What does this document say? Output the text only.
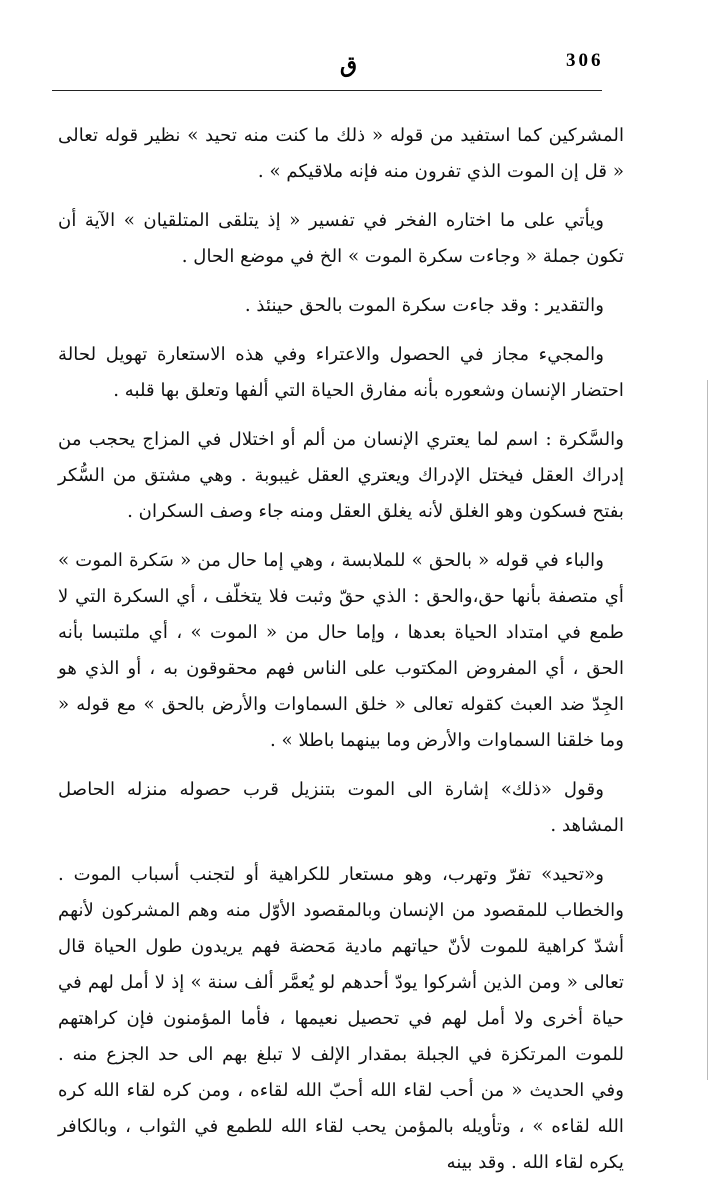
306
ق

المشركين كما استفيد من قوله « ذلك ما كنت منه تحيد » نظير قوله تعالى « قل إن الموت الذي تفرون منه فإنه ملاقيكم » .

ويأتي على ما اختاره الفخر في تفسير « إذ يتلقى المتلقيان » الآية أن تكون جملة « وجاءت سكرة الموت » الخ في موضع الحال .

والتقدير : وقد جاءت سكرة الموت بالحق حينئذ .

والمجيء مجاز في الحصول والاعتراء وفي هذه الاستعارة تهويل لحالة احتضار الإنسان وشعوره بأنه مفارق الحياة التي ألفها وتعلق بها قلبه .

والسَّكرة : اسم لما يعتري الإنسان من ألم أو اختلال في المزاج يحجب من إدراك العقل فيختل الإدراك ويعتري العقل غيبوبة . وهي مشتق من السُّكر بفتح فسكون وهو الغلق لأنه يغلق العقل ومنه جاء وصف السكران .

والباء في قوله « بالحق » للملابسة ، وهي إما حال من « سَكرة الموت » أي متصفة بأنها حق،والحق : الذي حقّ وثبت فلا يتخلّف ، أي السكرة التي لا طمع في امتداد الحياة بعدها ، وإما حال من « الموت » ، أي ملتبسا بأنه الحق ، أي المفروض المكتوب على الناس فهم محقوقون به ، أو الذي هو الجِدّ ضد العبث كقوله تعالى « خلق السماوات والأرض بالحق » مع قوله « وما خلقنا السماوات والأرض وما بينهما باطلا » .

وقول «ذلك» إشارة الى الموت بتنزيل قرب حصوله منزله الحاصل المشاهد .

و«تحيد» تفرّ وتهرب، وهو مستعار للكراهية أو لتجنب أسباب الموت . والخطاب للمقصود من الإنسان وبالمقصود الأوّل منه وهم المشركون لأنهم أشدّ كراهية للموت لأنّ حياتهم مادية مَحضة فهم يريدون طول الحياة قال تعالى « ومن الذين أشركوا يودّ أحدهم لو يُعمَّر ألف سنة » إذ لا أمل لهم في حياة أخرى ولا أمل لهم في تحصيل نعيمها ، فأما المؤمنون فإن كراهتهم للموت المرتكزة في الجبلة بمقدار الإلف لا تبلغ بهم الى حد الجزع منه . وفي الحديث « من أحب لقاء الله أحبّ الله لقاءه ، ومن كره لقاء الله كره الله لقاءه » ، وتأويله بالمؤمن يحب لقاء الله للطمع في الثواب ، وبالكافر يكره لقاء الله . وقد بينه
